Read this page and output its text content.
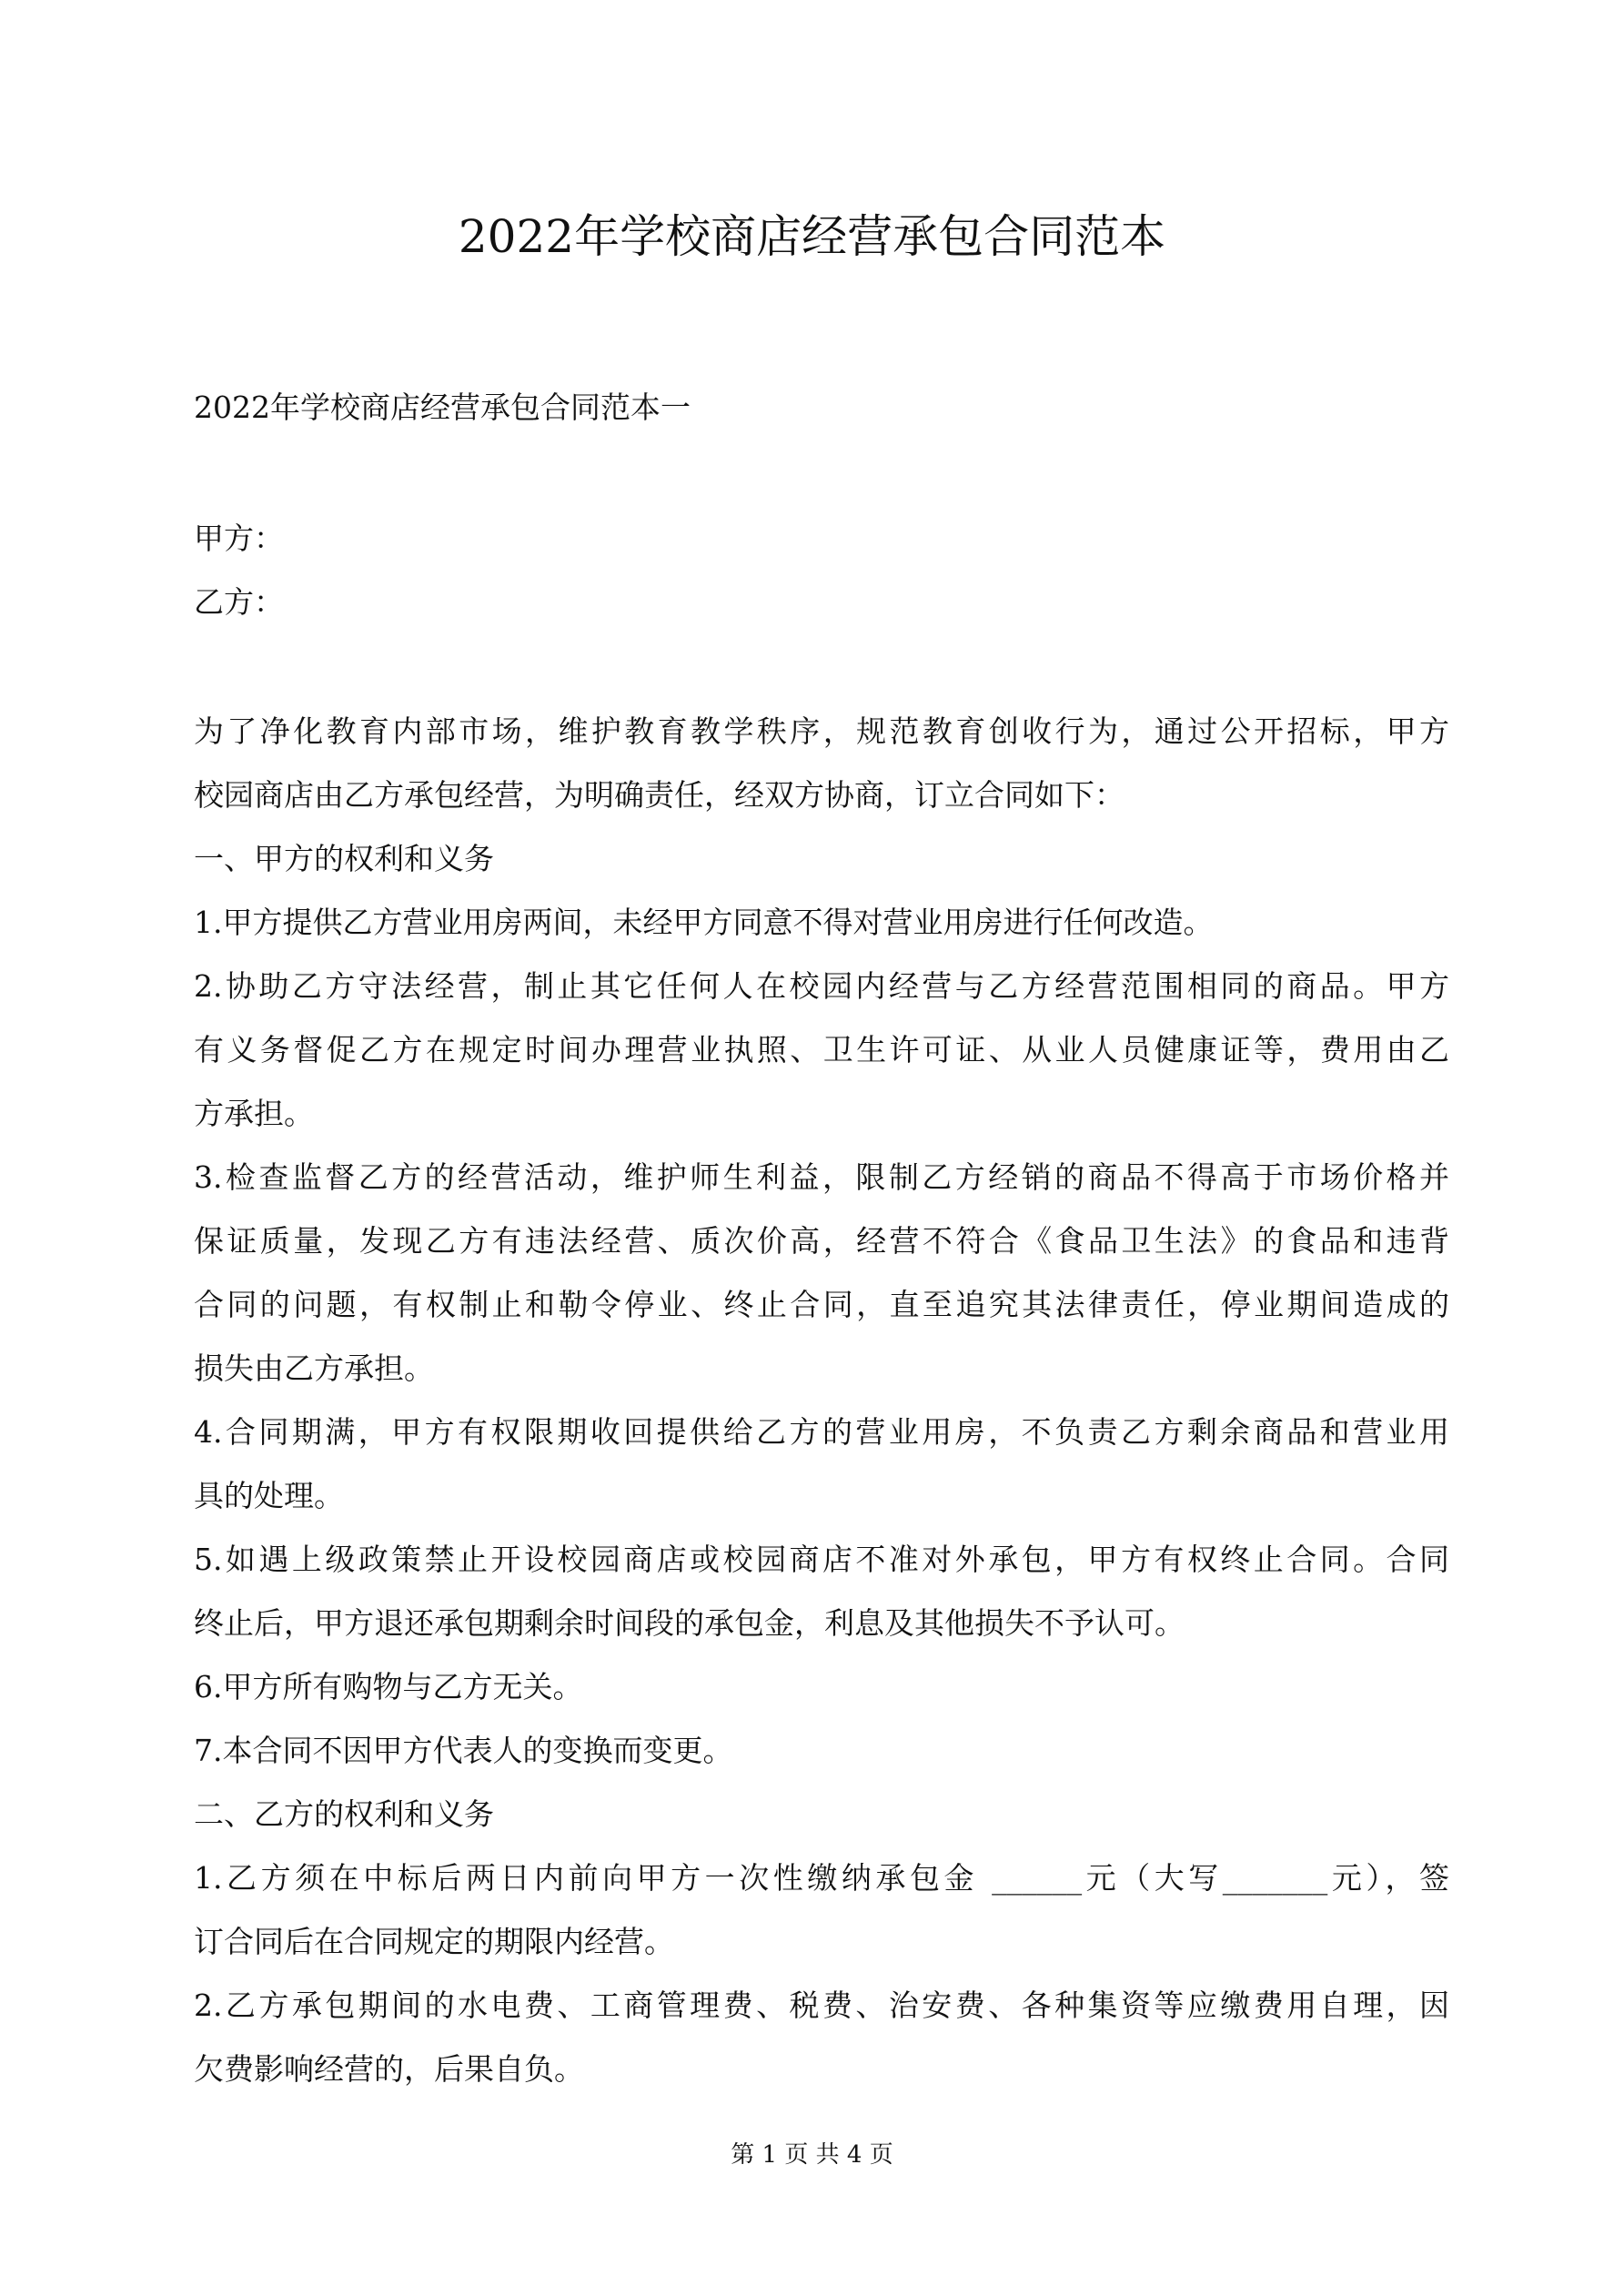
2022年学校商店经营承包合同范本

2022年学校商店经营承包合同范本一

甲方：

乙方：

为了净化教育内部市场，维护教育教学秩序，规范教育创收行为，通过公开招标，甲方

校园商店由乙方承包经营，为明确责任，经双方协商，订立合同如下：

一、甲方的权利和义务

1.甲方提供乙方营业用房两间，未经甲方同意不得对营业用房进行任何改造。

2.协助乙方守法经营，制止其它任何人在校园内经营与乙方经营范围相同的商品。甲方

有义务督促乙方在规定时间办理营业执照、卫生许可证、从业人员健康证等，费用由乙

方承担。

3.检查监督乙方的经营活动，维护师生利益，限制乙方经销的商品不得高于市场价格并

保证质量，发现乙方有违法经营、质次价高，经营不符合《食品卫生法》的食品和违背

合同的问题，有权制止和勒令停业、终止合同，直至追究其法律责任，停业期间造成的

损失由乙方承担。

4.合同期满，甲方有权限期收回提供给乙方的营业用房，不负责乙方剩余商品和营业用

具的处理。

5.如遇上级政策禁止开设校园商店或校园商店不准对外承包，甲方有权终止合同。合同

终止后，甲方退还承包期剩余时间段的承包金，利息及其他损失不予认可。

6.甲方所有购物与乙方无关。

7.本合同不因甲方代表人的变换而变更。

二、乙方的权利和义务

1.乙方须在中标后两日内前向甲方一次性缴纳承包金 ______元（大写_______元），签

订合同后在合同规定的期限内经营。

2.乙方承包期间的水电费、工商管理费、税费、治安费、各种集资等应缴费用自理，因

欠费影响经营的，后果自负。

第 1 页 共 4 页
